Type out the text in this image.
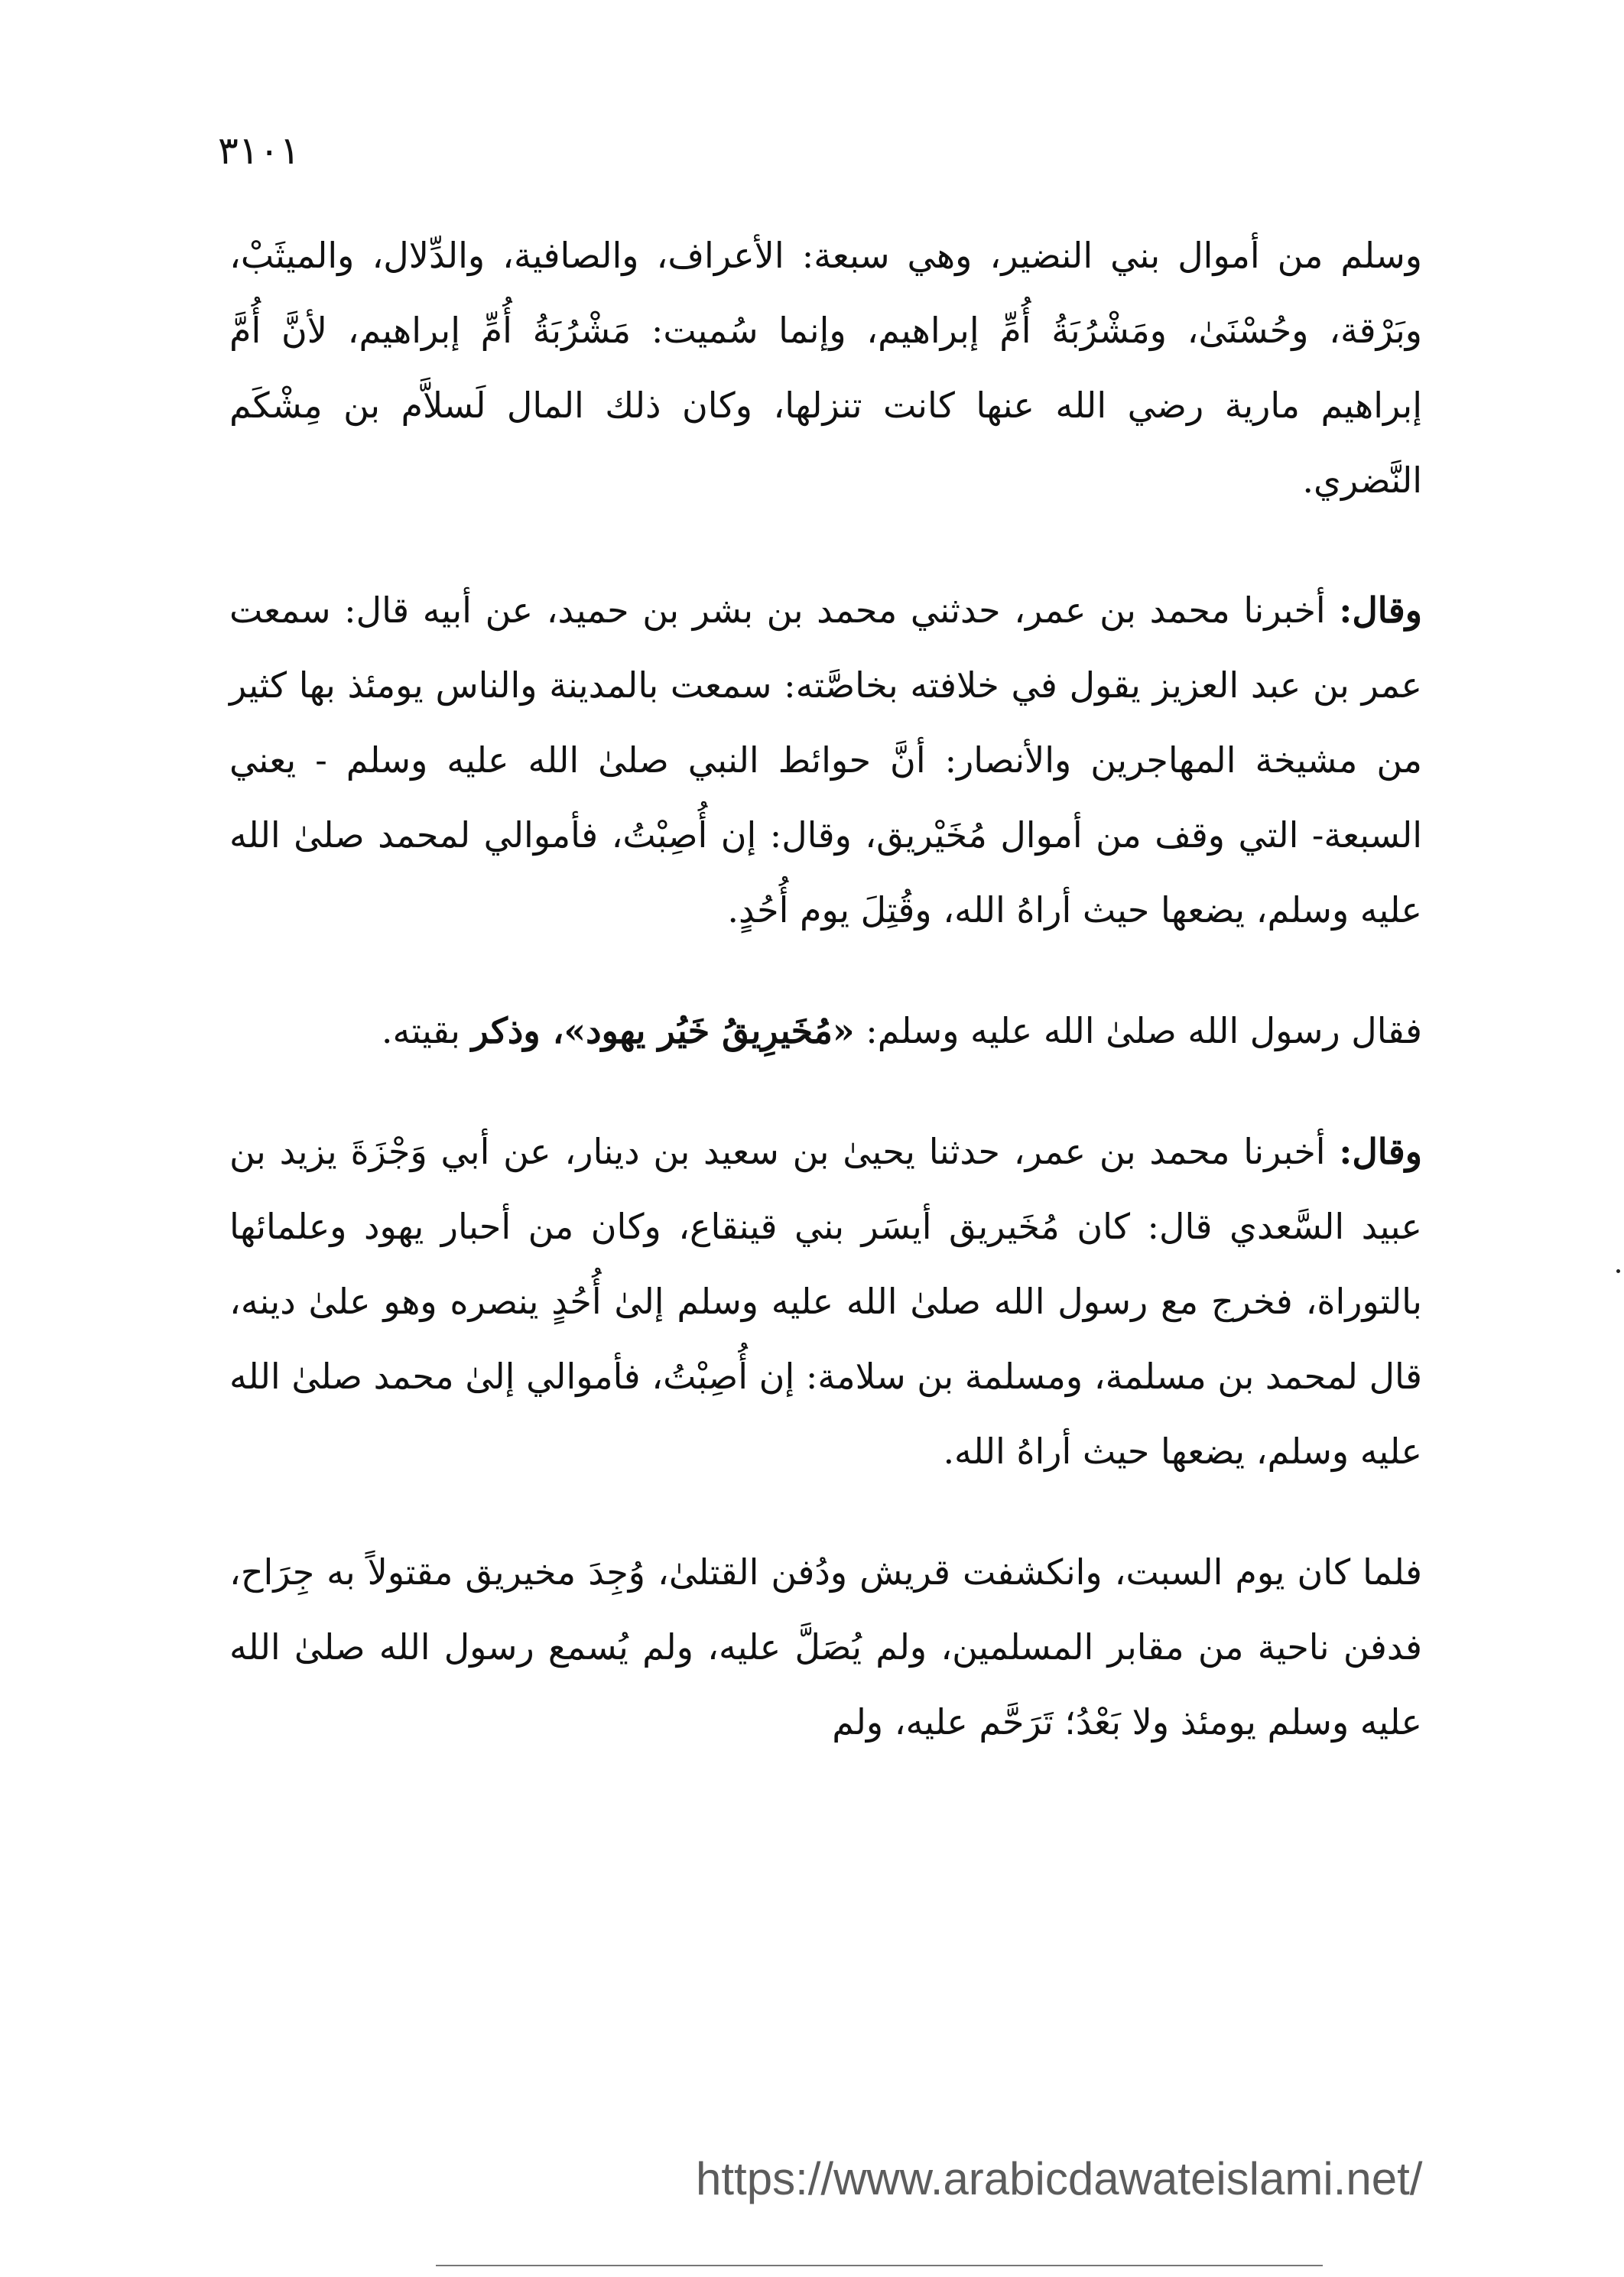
٣١٠١

وسلم من أموال بني النضير، وهي سبعة: الأعراف، والصافية، والدِّلال، والميثَبْ، وبَرْقة، وحُسْنَىٰ، ومَشْرُبَةُ أُمِّ إبراهيم، وإنما سُميت: مَشْرُبَةُ أُمِّ إبراهيم، لأنَّ أُمَّ إبراهيم مارية رضي الله عنها كانت تنزلها، وكان ذلك المال لَسلاَّم بن مِشْكَم النَّضري.

وقال: أخبرنا محمد بن عمر، حدثني محمد بن بشر بن حميد، عن أبيه قال: سمعت عمر بن عبد العزيز يقول في خلافته بخاصَّته: سمعت بالمدينة والناس يومئذ بها كثير من مشيخة المهاجرين والأنصار: أنَّ حوائط النبي صلىٰ الله عليه وسلم - يعني السبعة- التي وقف من أموال مُخَيْريق، وقال: إن أُصِبْتُ، فأموالي لمحمد صلىٰ الله عليه وسلم، يضعها حيث أراهُ الله، وقُتِلَ يوم أُحُدٍ.

فقال رسول الله صلىٰ الله عليه وسلم: «مُخَيرِيقُ خَيُر يهود»، وذكر بقيته.

وقال: أخبرنا محمد بن عمر، حدثنا يحيىٰ بن سعيد بن دينار، عن أبي وَجْزَةَ يزيد بن عبيد السَّعدي قال: كان مُخَيريق أيسَر بني قينقاع، وكان من أحبار يهود وعلمائها بالتوراة، فخرج مع رسول الله صلىٰ الله عليه وسلم إلىٰ أُحُدٍ ينصره وهو علىٰ دينه، قال لمحمد بن مسلمة، ومسلمة بن سلامة: إن أُصِبْتُ، فأموالي إلىٰ محمد صلىٰ الله عليه وسلم، يضعها حيث أراهُ الله.

فلما كان يوم السبت، وانكشفت قريش ودُفن القتلىٰ، وُجِدَ مخيريق مقتولاً به جِرَاح، فدفن ناحية من مقابر المسلمين، ولم يُصَلَّ عليه، ولم يُسمع رسول الله صلىٰ الله عليه وسلم يومئذ ولا بَعْدُ؛ تَرَحَّم عليه، ولم

https://www.arabicdawateislami.net/
